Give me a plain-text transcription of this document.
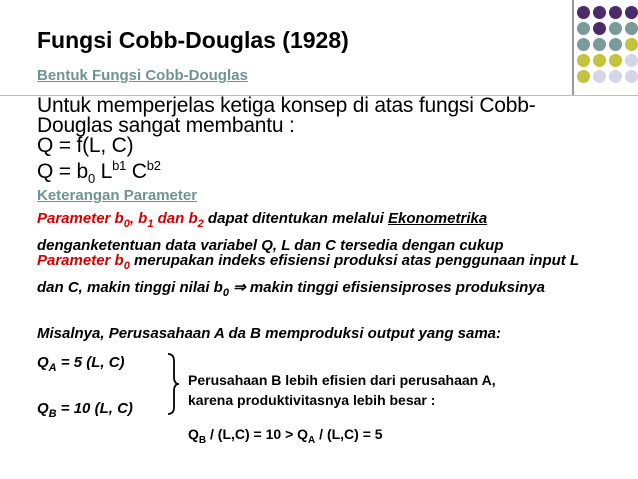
Fungsi Cobb-Douglas (1928)
Bentuk Fungsi Cobb-Douglas
Untuk memperjelas ketiga konsep di atas fungsi Cobb-
Douglas sangat membantu :
Q = f(L, C)
$Q = b_0$ $L^{b1}$ $C^{b2}$
Keterangan Parameter
Parameter $b_0$, $b_1$ dan $b_2$ dapat ditentukan melalui Ekonometrika denganketentuan data variabel Q, L dan C tersedia dengan cukup
Parameter $b_0$ merupakan indeks efisiensi produksi atas penggunaan input L dan C, makin tinggi nilai $b_0$ ⇒ makin tinggi efisiensiproses produksinya
Misalnya, Perusasahaan A da B memproduksi output yang sama:
$Q_A = 5$ (L, C)
$Q_B = 10$ (L, C)
Perusahaan B lebih efisien dari perusahaan A,
karena produktivitasnya lebih besar :
$Q_B / (L,C) = 10 > Q_A / (L,C) = 5$
